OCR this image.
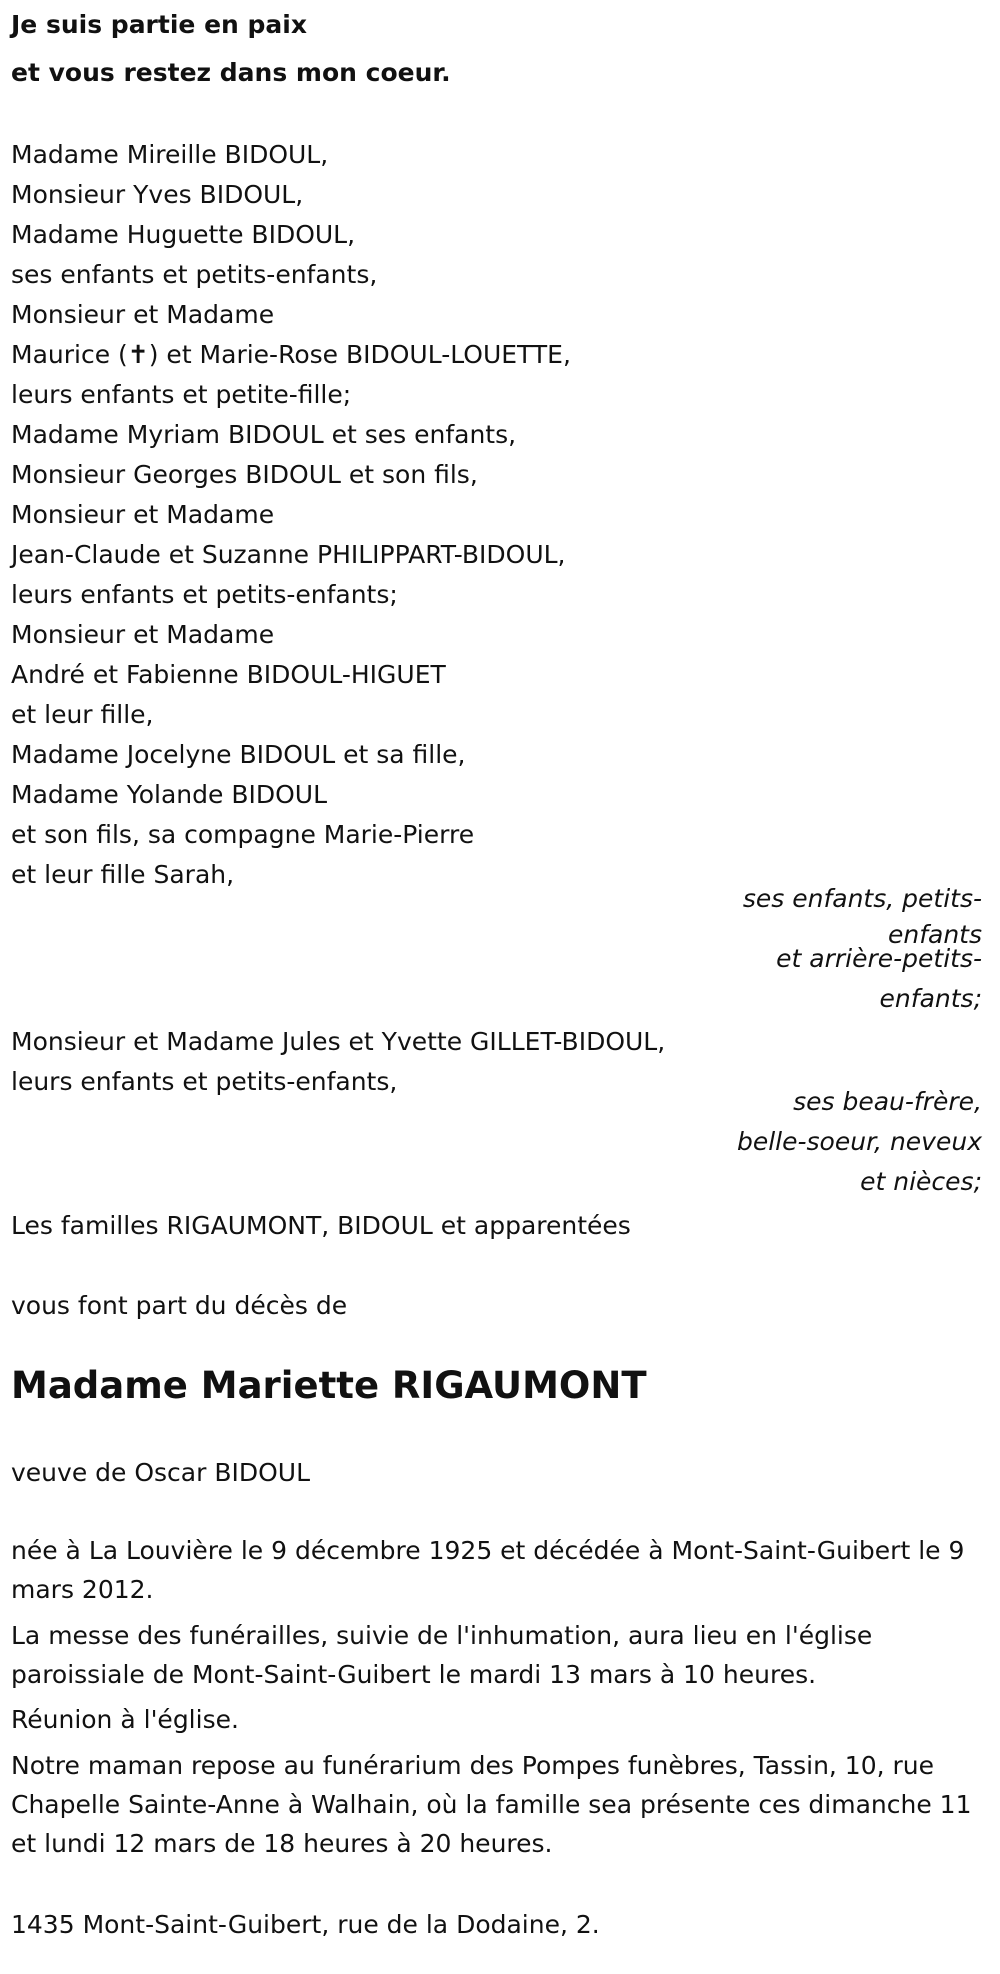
Je suis partie en paix
et vous restez dans mon coeur.
Madame Mireille BIDOUL,
Monsieur Yves BIDOUL,
Madame Huguette BIDOUL,
ses enfants et petits-enfants,
Monsieur et Madame
Maurice (✝) et Marie-Rose BIDOUL-LOUETTE,
leurs enfants et petite-fille;
Madame Myriam BIDOUL et ses enfants,
Monsieur Georges BIDOUL et son fils,
Monsieur et Madame
Jean-Claude et Suzanne PHILIPPART-BIDOUL,
leurs enfants et petits-enfants;
Monsieur et Madame
André et Fabienne BIDOUL-HIGUET
et leur fille,
Madame Jocelyne BIDOUL et sa fille,
Madame Yolande BIDOUL
et son fils, sa compagne Marie-Pierre
et leur fille Sarah,
ses enfants, petits-
enfants
et arrière-petits-
enfants;
Monsieur et Madame Jules et Yvette GILLET-BIDOUL,
leurs enfants et petits-enfants,
ses beau-frère,
belle-soeur, neveux
et nièces;
Les familles RIGAUMONT, BIDOUL et apparentées
vous font part du décès de
Madame Mariette RIGAUMONT
veuve de Oscar BIDOUL
née à La Louvière le 9 décembre 1925 et décédée à Mont-Saint-Guibert le 9 mars 2012.
La messe des funérailles, suivie de l'inhumation, aura lieu en l'église paroissiale de Mont-Saint-Guibert le mardi 13 mars à 10 heures.
Réunion à l'église.
Notre maman repose au funérarium des Pompes funèbres, Tassin, 10, rue Chapelle Sainte-Anne à Walhain, où la famille sea présente ces dimanche 11 et lundi 12 mars de 18 heures à 20 heures.
1435 Mont-Saint-Guibert, rue de la Dodaine, 2.
